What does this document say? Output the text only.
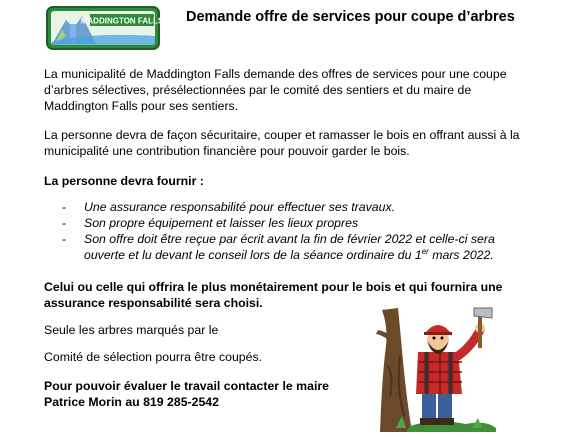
MADDINGTON FALLS Demande offre de services pour coupe d’arbres
La municipalité de Maddington Falls demande des offres de services pour une coupe
d’arbres sélectives, présélectionnées par le comité des sentiers et du maire de
Maddington Falls pour ses sentiers.
La personne devra de façon sécuritaire, couper et ramasser le bois en offrant aussi à la
municipalité une contribution financière pour pouvoir garder le bois.
La personne devra fournir :
- Une assurance responsabilité pour effectuer ses travaux.
- Son propre équipement et laisser les lieux propres
- Son offre doit être reçue par écrit avant la fin de février 2022 et celle-ci sera
ouverte et lu devant le conseil lors de la séance ordinaire du 1er mars 2022.
Celui ou celle qui offrira le plus monétairement pour le bois et qui fournira une
assurance responsabilité sera choisi.
Seule les arbres marqués par le
Comité de sélection pourra être coupés.
Pour pouvoir évaluer le travail contacter le maire
Patrice Morin au 819 285-2542
